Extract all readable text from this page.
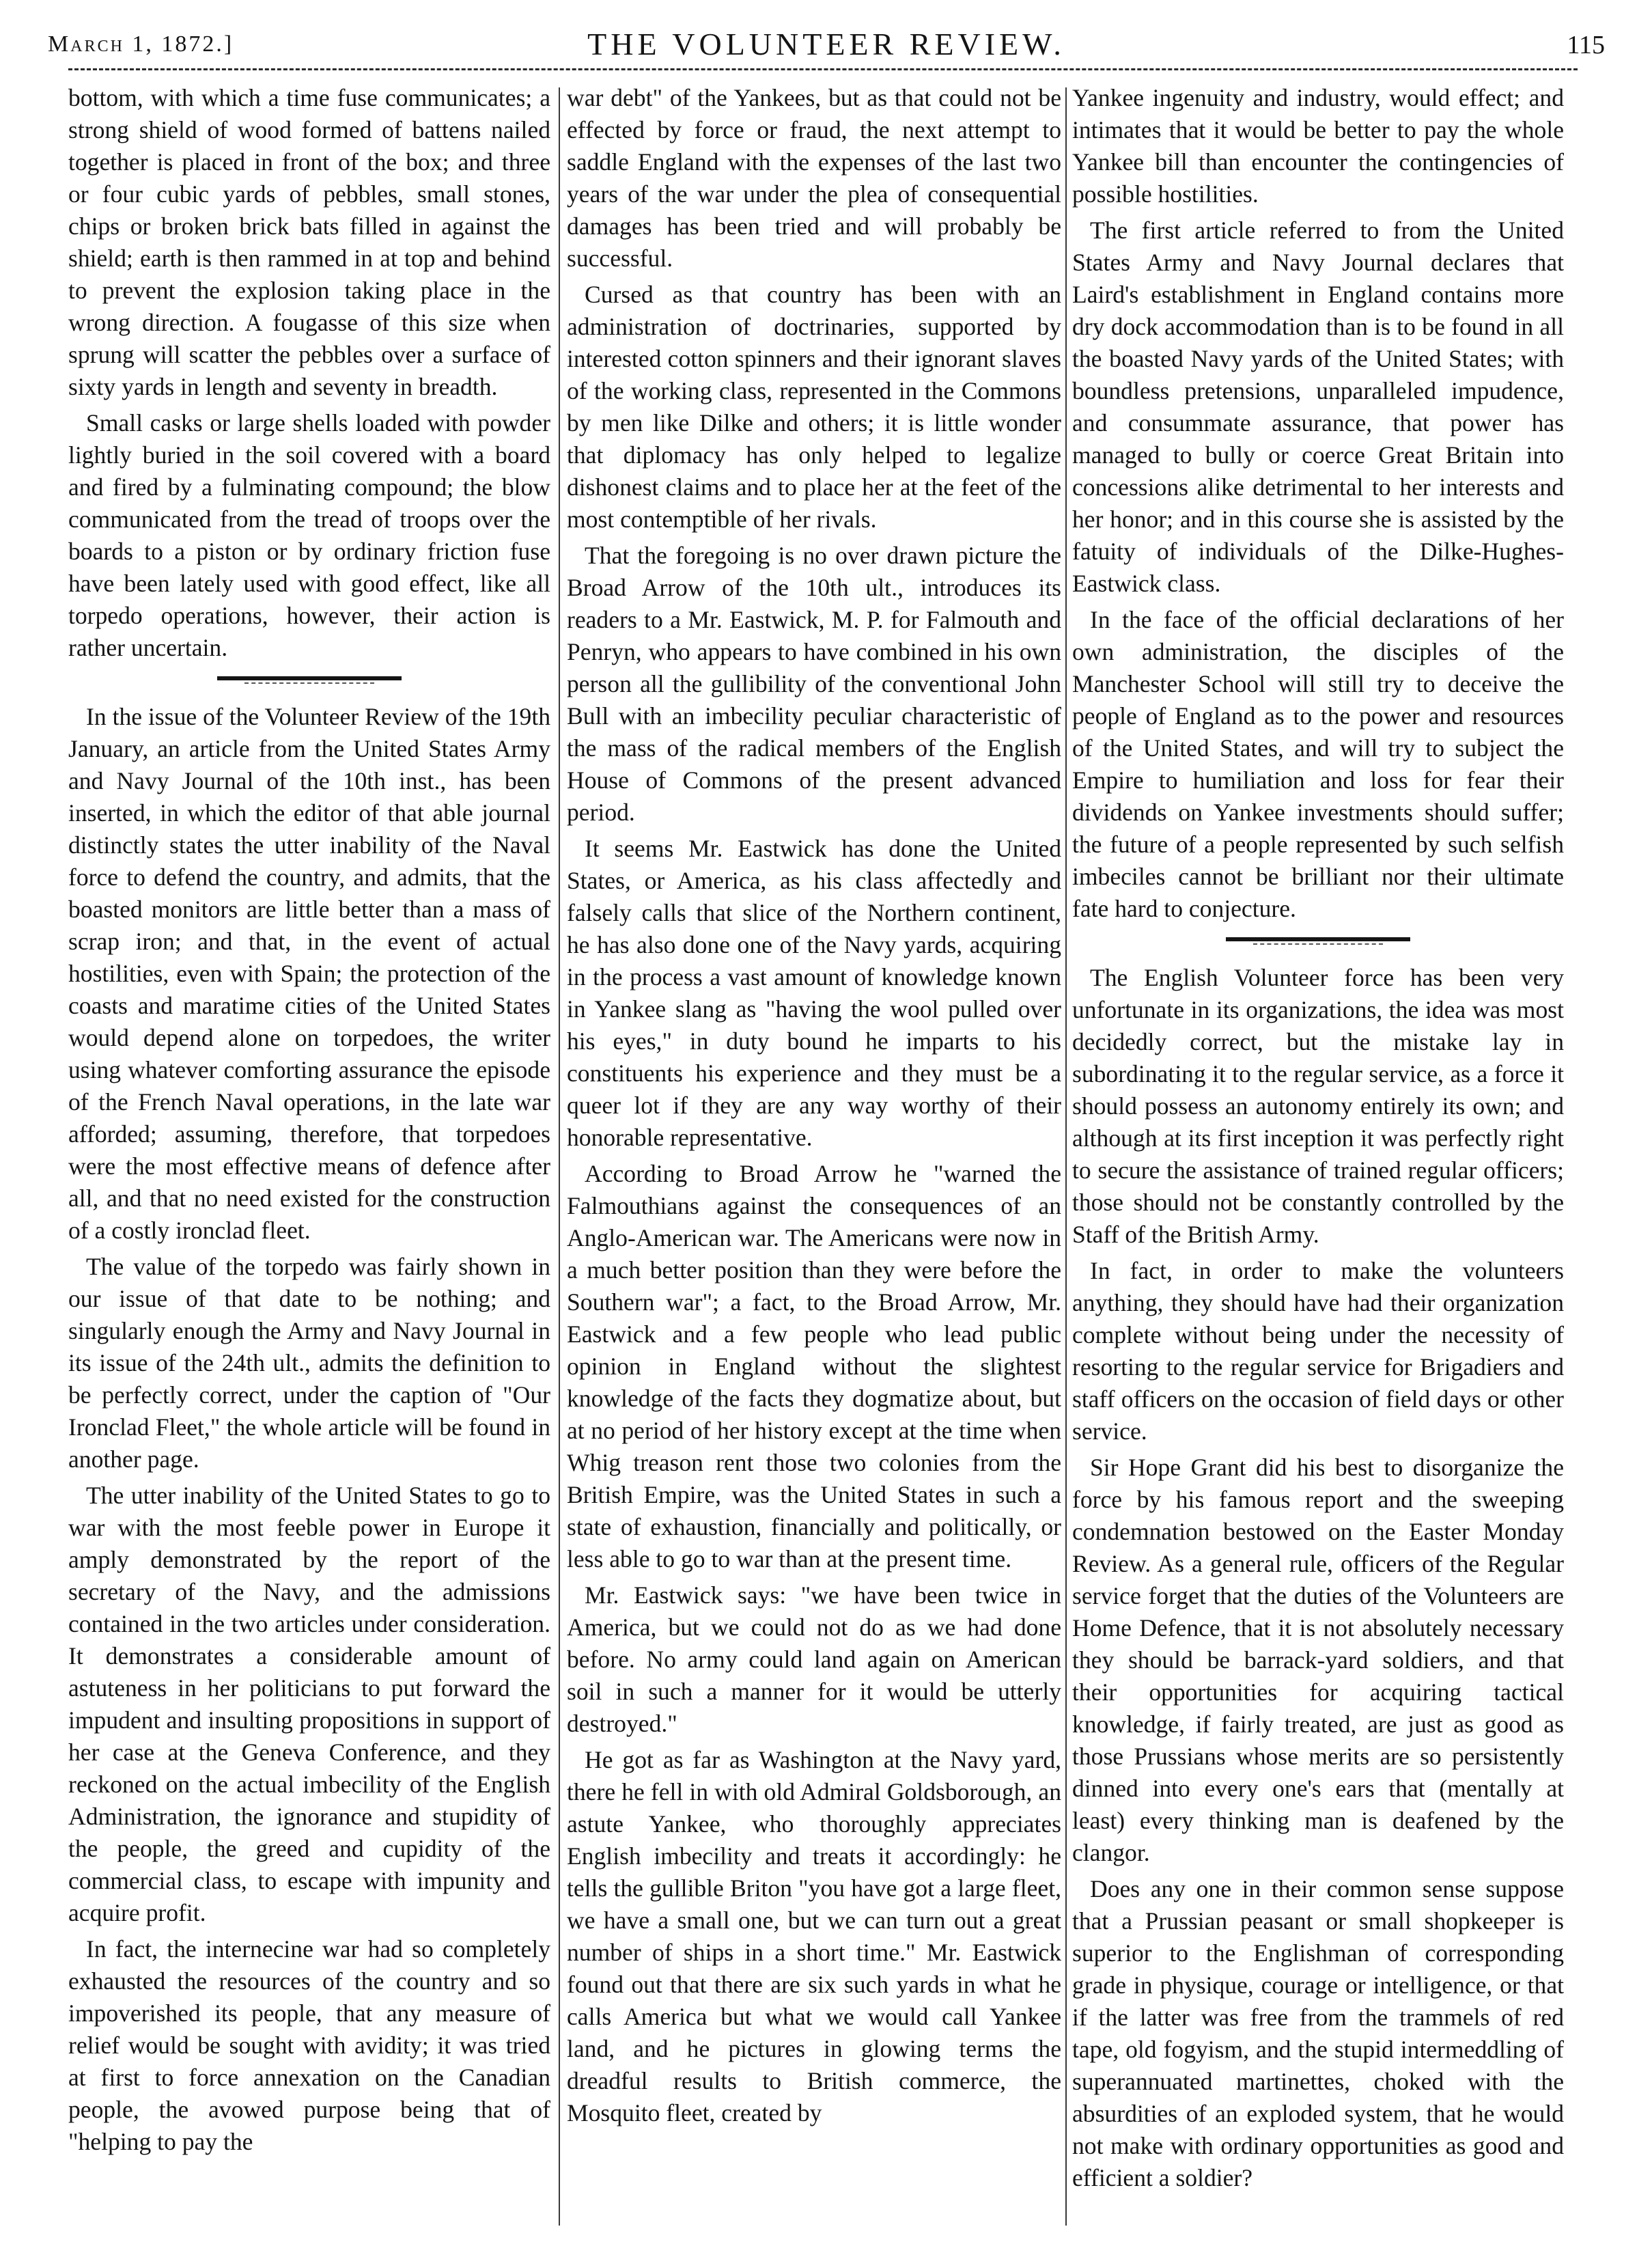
March 1, 1872.]	THE VOLUNTEER REVIEW.	115

bottom, with which a time fuse communicates; a strong shield of wood formed of battens nailed together is placed in front of the box; and three or four cubic yards of pebbles, small stones, chips or broken brick bats filled in against the shield; earth is then rammed in at top and behind to prevent the explosion taking place in the wrong direction. A fougasse of this size when sprung will scatter the pebbles over a surface of sixty yards in length and seventy in breadth.

Small casks or large shells loaded with powder lightly buried in the soil covered with a board and fired by a fulminating compound; the blow communicated from the tread of troops over the boards to a piston or by ordinary friction fuse have been lately used with good effect, like all torpedo operations, however, their action is rather uncertain.

In the issue of the Volunteer Review of the 19th January, an article from the United States Army and Navy Journal of the 10th inst., has been inserted, in which the editor of that able journal distinctly states the utter inability of the Naval force to defend the country, and admits, that the boasted monitors are little better than a mass of scrap iron; and that, in the event of actual hostilities, even with Spain; the protection of the coasts and maratime cities of the United States would depend alone on torpedoes, the writer using whatever comforting assurance the episode of the French Naval operations, in the late war afforded; assuming, therefore, that torpedoes were the most effective means of defence after all, and that no need existed for the construction of a costly ironclad fleet.

The value of the torpedo was fairly shown in our issue of that date to be nothing; and singularly enough the Army and Navy Journal in its issue of the 24th ult., admits the definition to be perfectly correct, under the caption of "Our Ironclad Fleet," the whole article will be found in another page.

The utter inability of the United States to go to war with the most feeble power in Europe it amply demonstrated by the report of the secretary of the Navy, and the admissions contained in the two articles under consideration. It demonstrates a considerable amount of astuteness in her politicians to put forward the impudent and insulting propositions in support of her case at the Geneva Conference, and they reckoned on the actual imbecility of the English Administration, the ignorance and stupidity of the people, the greed and cupidity of the commercial class, to escape with impunity and acquire profit.

In fact, the internecine war had so completely exhausted the resources of the country and so impoverished its people, that any measure of relief would be sought with avidity; it was tried at first to force annexation on the Canadian people, the avowed purpose being that of "helping to pay the

war debt" of the Yankees, but as that could not be effected by force or fraud, the next attempt to saddle England with the expenses of the last two years of the war under the plea of consequential damages has been tried and will probably be successful.

Cursed as that country has been with an administration of doctrinaries, supported by interested cotton spinners and their ignorant slaves of the working class, represented in the Commons by men like Dilke and others; it is little wonder that diplomacy has only helped to legalize dishonest claims and to place her at the feet of the most contemptible of her rivals.

That the foregoing is no over drawn picture the Broad Arrow of the 10th ult., introduces its readers to a Mr. Eastwick, M. P. for Falmouth and Penryn, who appears to have combined in his own person all the gullibility of the conventional John Bull with an imbecility peculiar characteristic of the mass of the radical members of the English House of Commons of the present advanced period.

It seems Mr. Eastwick has done the United States, or America, as his class affectedly and falsely calls that slice of the Northern continent, he has also done one of the Navy yards, acquiring in the process a vast amount of knowledge known in Yankee slang as "having the wool pulled over his eyes," in duty bound he imparts to his constituents his experience and they must be a queer lot if they are any way worthy of their honorable representative.

According to Broad Arrow he "warned the Falmouthians against the consequences of an Anglo-American war. The Americans were now in a much better position than they were before the Southern war"; a fact, to the Broad Arrow, Mr. Eastwick and a few people who lead public opinion in England without the slightest knowledge of the facts they dogmatize about, but at no period of her history except at the time when Whig treason rent those two colonies from the British Empire, was the United States in such a state of exhaustion, financially and politically, or less able to go to war than at the present time.

Mr. Eastwick says: "we have been twice in America, but we could not do as we had done before. No army could land again on American soil in such a manner for it would be utterly destroyed."

He got as far as Washington at the Navy yard, there he fell in with old Admiral Goldsborough, an astute Yankee, who thoroughly appreciates English imbecility and treats it accordingly: he tells the gullible Briton "you have got a large fleet, we have a small one, but we can turn out a great number of ships in a short time." Mr. Eastwick found out that there are six such yards in what he calls America but what we would call Yankee land, and he pictures in glowing terms the dreadful results to British commerce, the Mosquito fleet, created by

Yankee ingenuity and industry, would effect; and intimates that it would be better to pay the whole Yankee bill than encounter the contingencies of possible hostilities.

The first article referred to from the United States Army and Navy Journal declares that Laird's establishment in England contains more dry dock accommodation than is to be found in all the boasted Navy yards of the United States; with boundless pretensions, unparalleled impudence, and consummate assurance, that power has managed to bully or coerce Great Britain into concessions alike detrimental to her interests and her honor; and in this course she is assisted by the fatuity of individuals of the Dilke-Hughes-Eastwick class.

In the face of the official declarations of her own administration, the disciples of the Manchester School will still try to deceive the people of England as to the power and resources of the United States, and will try to subject the Empire to humiliation and loss for fear their dividends on Yankee investments should suffer; the future of a people represented by such selfish imbeciles cannot be brilliant nor their ultimate fate hard to conjecture.

The English Volunteer force has been very unfortunate in its organizations, the idea was most decidedly correct, but the mistake lay in subordinating it to the regular service, as a force it should possess an autonomy entirely its own; and although at its first inception it was perfectly right to secure the assistance of trained regular officers; those should not be constantly controlled by the Staff of the British Army.

In fact, in order to make the volunteers anything, they should have had their organization complete without being under the necessity of resorting to the regular service for Brigadiers and staff officers on the occasion of field days or other service.

Sir Hope Grant did his best to disorganize the force by his famous report and the sweeping condemnation bestowed on the Easter Monday Review. As a general rule, officers of the Regular service forget that the duties of the Volunteers are Home Defence, that it is not absolutely necessary they should be barrack-yard soldiers, and that their opportunities for acquiring tactical knowledge, if fairly treated, are just as good as those Prussians whose merits are so persistently dinned into every one's ears that (mentally at least) every thinking man is deafened by the clangor.

Does any one in their common sense suppose that a Prussian peasant or small shopkeeper is superior to the Englishman of corresponding grade in physique, courage or intelligence, or that if the latter was free from the trammels of red tape, old fogyism, and the stupid intermeddling of superannuated martinettes, choked with the absurdities of an exploded system, that he would not make with ordinary opportunities as good and efficient a soldier?
